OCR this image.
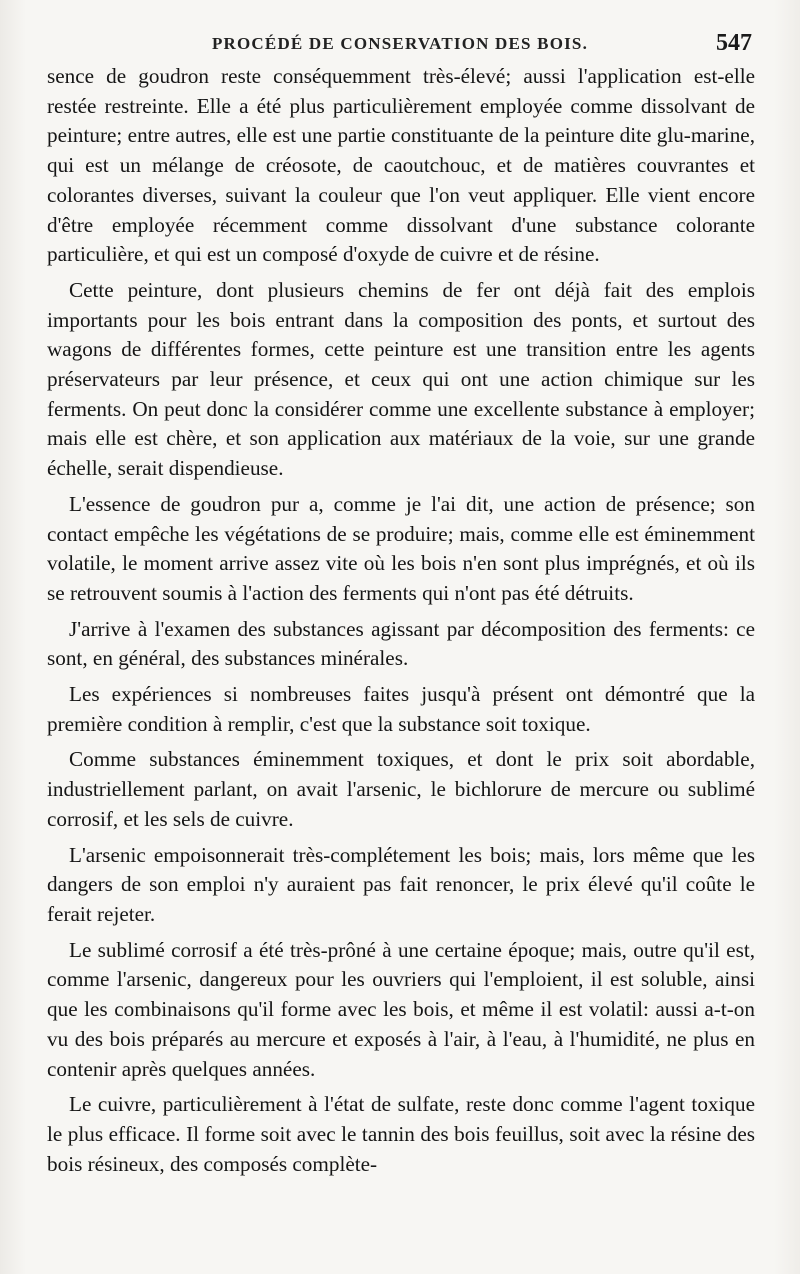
PROCÉDÉ DE CONSERVATION DES BOIS.	547

sence de goudron reste conséquemment très-élevé; aussi l'application est-elle restée restreinte. Elle a été plus particulièrement employée comme dissolvant de peinture; entre autres, elle est une partie constituante de la peinture dite glu-marine, qui est un mélange de créosote, de caoutchouc, et de matières couvrantes et colorantes diverses, suivant la couleur que l'on veut appliquer. Elle vient encore d'être employée récemment comme dissolvant d'une substance colorante particulière, et qui est un composé d'oxyde de cuivre et de résine.

Cette peinture, dont plusieurs chemins de fer ont déjà fait des emplois importants pour les bois entrant dans la composition des ponts, et surtout des wagons de différentes formes, cette peinture est une transition entre les agents préservateurs par leur présence, et ceux qui ont une action chimique sur les ferments. On peut donc la considérer comme une excellente substance à employer; mais elle est chère, et son application aux matériaux de la voie, sur une grande échelle, serait dispendieuse.

L'essence de goudron pur a, comme je l'ai dit, une action de présence; son contact empêche les végétations de se produire; mais, comme elle est éminemment volatile, le moment arrive assez vite où les bois n'en sont plus imprégnés, et où ils se retrouvent soumis à l'action des ferments qui n'ont pas été détruits.

J'arrive à l'examen des substances agissant par décomposition des ferments: ce sont, en général, des substances minérales.

Les expériences si nombreuses faites jusqu'à présent ont démontré que la première condition à remplir, c'est que la substance soit toxique.

Comme substances éminemment toxiques, et dont le prix soit abordable, industriellement parlant, on avait l'arsenic, le bichlorure de mercure ou sublimé corrosif, et les sels de cuivre.

L'arsenic empoisonnerait très-complétement les bois; mais, lors même que les dangers de son emploi n'y auraient pas fait renoncer, le prix élevé qu'il coûte le ferait rejeter.

Le sublimé corrosif a été très-prôné à une certaine époque; mais, outre qu'il est, comme l'arsenic, dangereux pour les ouvriers qui l'emploient, il est soluble, ainsi que les combinaisons qu'il forme avec les bois, et même il est volatil: aussi a-t-on vu des bois préparés au mercure et exposés à l'air, à l'eau, à l'humidité, ne plus en contenir après quelques années.

Le cuivre, particulièrement à l'état de sulfate, reste donc comme l'agent toxique le plus efficace. Il forme soit avec le tannin des bois feuillus, soit avec la résine des bois résineux, des composés complète-
